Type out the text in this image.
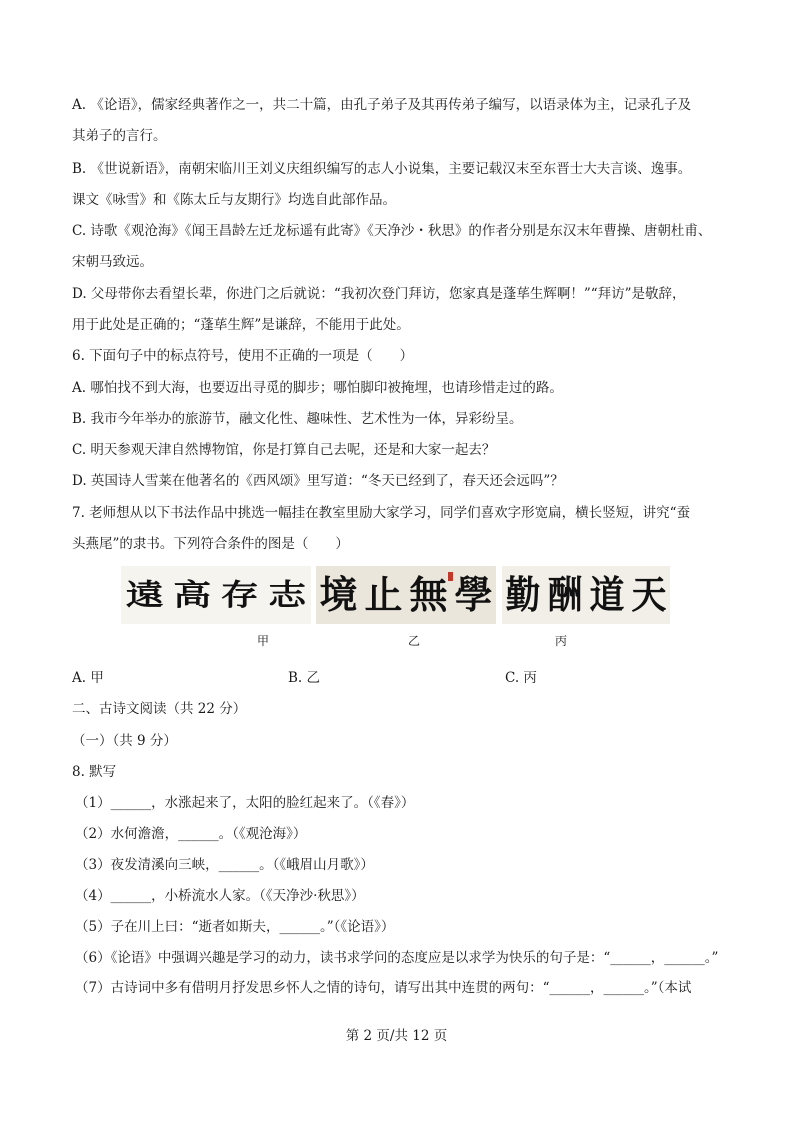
A. 《论语》，儒家经典著作之一，共二十篇，由孔子弟子及其再传弟子编写，以语录体为主，记录孔子及
其弟子的言行。
B. 《世说新语》，南朝宋临川王刘义庆组织编写的志人小说集，主要记载汉末至东晋士大夫言谈、逸事。
课文《咏雪》和《陈太丘与友期行》均选自此部作品。
C. 诗歌《观沧海》《闻王昌龄左迁龙标遥有此寄》《天净沙・秋思》的作者分别是东汉末年曹操、唐朝杜甫、
宋朝马致远。
D. 父母带你去看望长辈，你进门之后就说：“我初次登门拜访，您家真是蓬荜生辉啊！”“拜访”是敬辞，
用于此处是正确的；“蓬荜生辉”是谦辞，不能用于此处。
6. 下面句子中的标点符号，使用不正确的一项是（　　）
A. 哪怕找不到大海，也要迈出寻觅的脚步；哪怕脚印被掩埋，也请珍惜走过的路。
B. 我市今年举办的旅游节，融文化性、趣味性、艺术性为一体，异彩纷呈。
C. 明天参观天津自然博物馆，你是打算自己去呢，还是和大家一起去？
D. 英国诗人雪莱在他著名的《西风颂》里写道：“冬天已经到了，春天还会远吗”？
7. 老师想从以下书法作品中挑选一幅挂在教室里励大家学习，同学们喜欢字形宽扁，横长竖短，讲究“蚕
头燕尾”的隶书。下列符合条件的图是（　　）
遠 高 存 志 境 止 無 學 勤 酬 道 天
甲	乙	丙
A. 甲	B. 乙	C. 丙
二、古诗文阅读（共 22 分）
（一）（共 9 分）
8. 默写
（1）______，水涨起来了，太阳的脸红起来了。（《春》）
（2）水何澹澹，______。（《观沧海》）
（3）夜发清溪向三峡，______。（《峨眉山月歌》）
（4）______，小桥流水人家。（《天净沙·秋思》）
（5）子在川上曰：“逝者如斯夫，______。”（《论语》）
（6）《论语》中强调兴趣是学习的动力，读书求学问的态度应是以求学为快乐的句子是：“______，______。”
（7）古诗词中多有借明月抒发思乡怀人之情的诗句，请写出其中连贯的两句：“______，______。”（本试
第 2 页/共 12 页
